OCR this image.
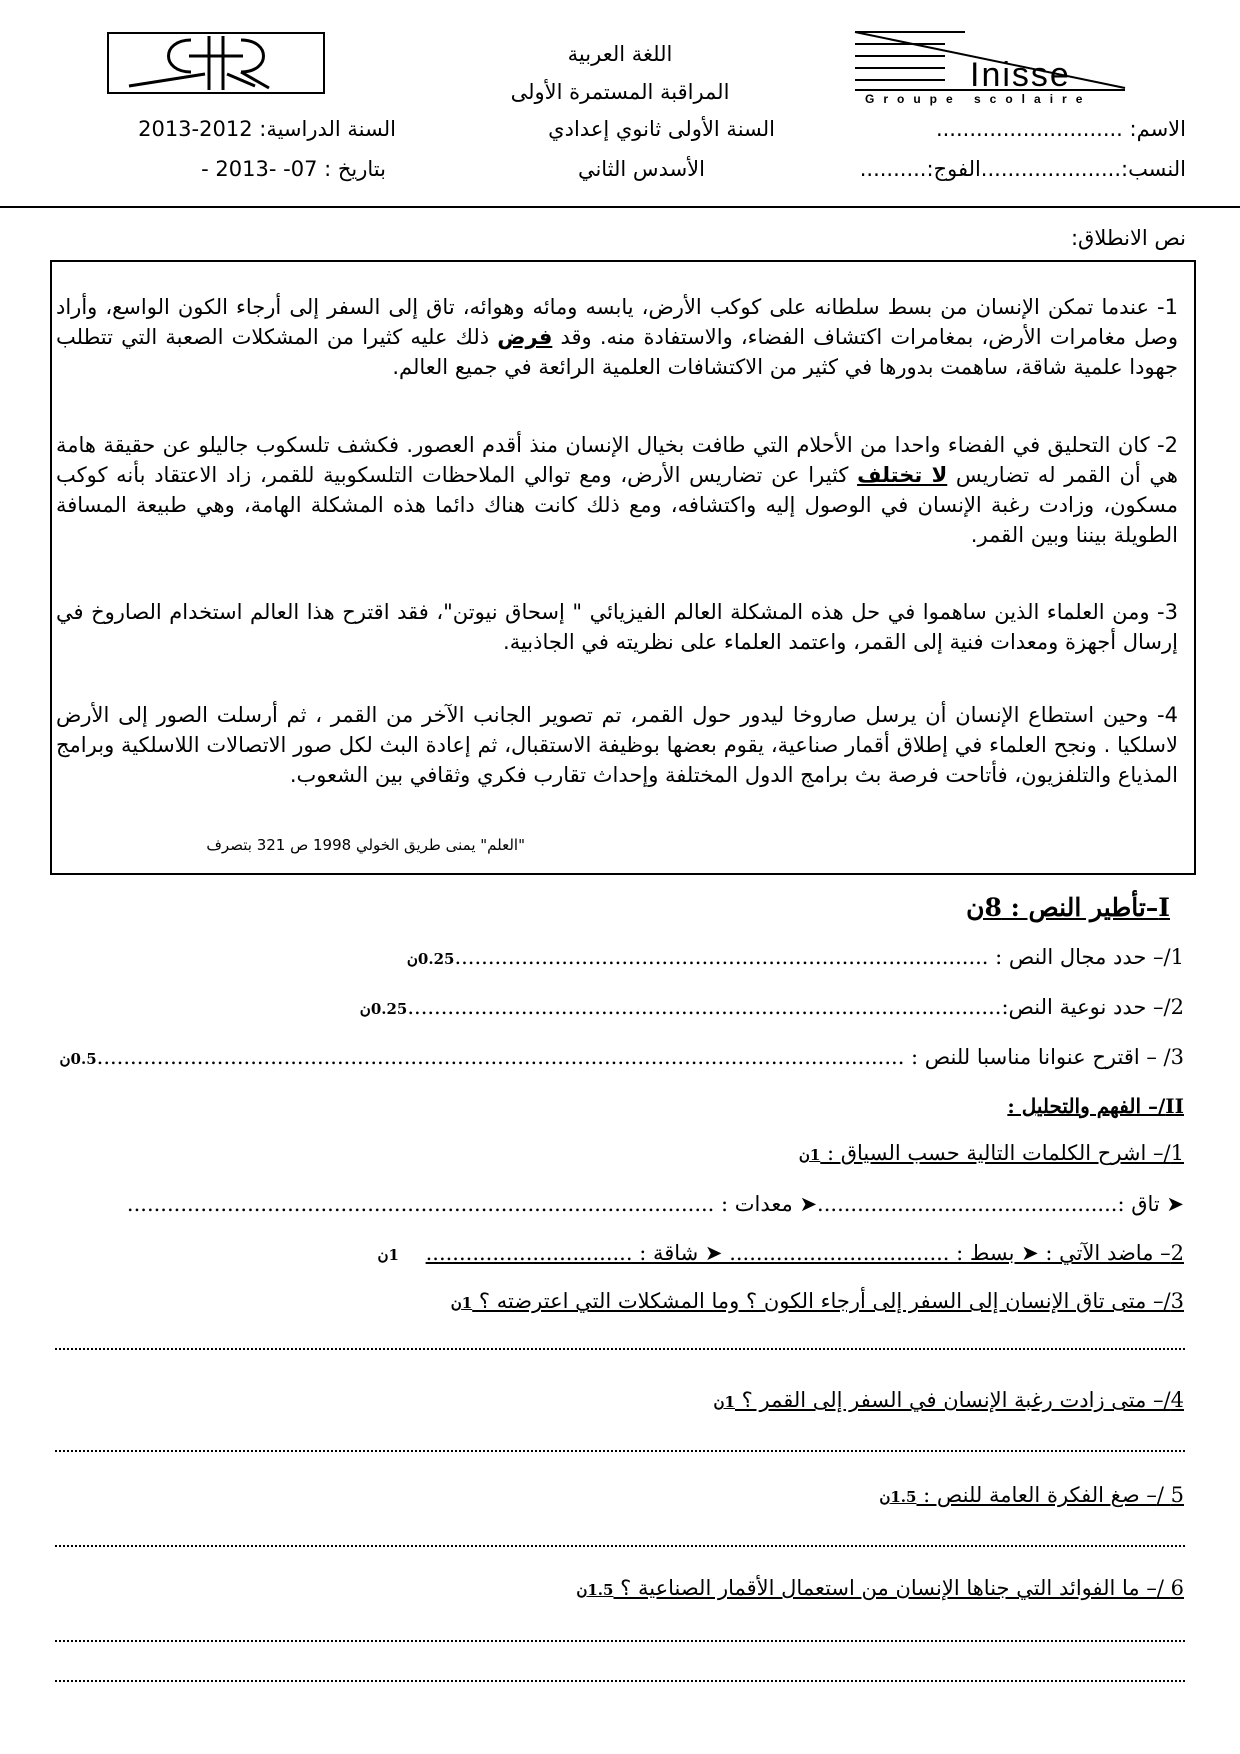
Inisse
Groupe scolaire
اللغة العربية
المراقبة المستمرة الأولى
السنة الأولى ثانوي إعدادي
الأسدس الثاني
السنة الدراسية: 2012-2013
بتاريخ : 07- -2013 -
الاسم: ............................
النسب:.....................الفوج:..........
نص الانطلاق:
1- عندما تمكن الإنسان من بسط سلطانه على كوكب الأرض، يابسه ومائه وهوائه، تاق إلى السفر إلى أرجاء الكون الواسع، وأراد وصل مغامرات الأرض، بمغامرات اكتشاف الفضاء، والاستفادة منه. وقد فرض ذلك عليه كثيرا من المشكلات الصعبة التي تتطلب جهودا علمية شاقة، ساهمت بدورها في كثير من الاكتشافات العلمية الرائعة في جميع العالم.
2- كان التحليق في الفضاء واحدا من الأحلام التي طافت بخيال الإنسان منذ أقدم العصور. فكشف تلسكوب جاليلو عن حقيقة هامة هي أن القمر له تضاريس لا تختلف كثيرا عن تضاريس الأرض، ومع توالي الملاحظات التلسكوبية للقمر، زاد الاعتقاد بأنه كوكب مسكون، وزادت رغبة الإنسان في الوصول إليه واكتشافه، ومع ذلك كانت هناك دائما هذه المشكلة الهامة، وهي طبيعة المسافة الطويلة بيننا وبين القمر.
3- ومن العلماء الذين ساهموا في حل هذه المشكلة العالم الفيزيائي " إسحاق نيوتن"، فقد اقترح هذا العالم استخدام الصاروخ في إرسال أجهزة ومعدات فنية إلى القمر، واعتمد العلماء على نظريته في الجاذبية.
4- وحين استطاع الإنسان أن يرسل صاروخا ليدور حول القمر، تم تصوير الجانب الآخر من القمر ، ثم أرسلت الصور إلى الأرض لاسلكيا . ونجح العلماء في إطلاق أقمار صناعية، يقوم بعضها بوظيفة الاستقبال، ثم إعادة البث لكل صور الاتصالات اللاسلكية وبرامج المذياع والتلفزيون، فأتاحت فرصة بث برامج الدول المختلفة وإحداث تقارب فكري وثقافي بين الشعوب.
"العلم" يمنى طريق الخولي 1998 ص 321 بتصرف
I–تأطير النص : 8ن
1/– حدد مجال النص : ................................................................................0.25ن
2/– حدد نوعية النص:.........................................................................................0.25ن
3/ – اقترح عنوانا مناسبا للنص : .........................................................................................................................0.5ن
II/– الفهم والتحليل :
1/– اشرح الكلمات التالية حسب السياق : 1ن
➤ تاق :.............................................➤ معدات : ........................................................................................
2– ماضد الآتي : ➤ بسط : ................................. ➤ شاقة : ...............................    1ن
3/– متى تاق الإنسان إلى السفر إلى أرجاء الكون ؟ وما المشكلات التي اعترضته ؟ 1ن
4/– متى زادت رغبة الإنسان في السفر إلى القمر ؟ 1ن
5 /– صغ الفكرة العامة للنص : 1.5ن
6 /– ما الفوائد التي جناها الإنسان من استعمال الأقمار الصناعية ؟ 1.5ن
